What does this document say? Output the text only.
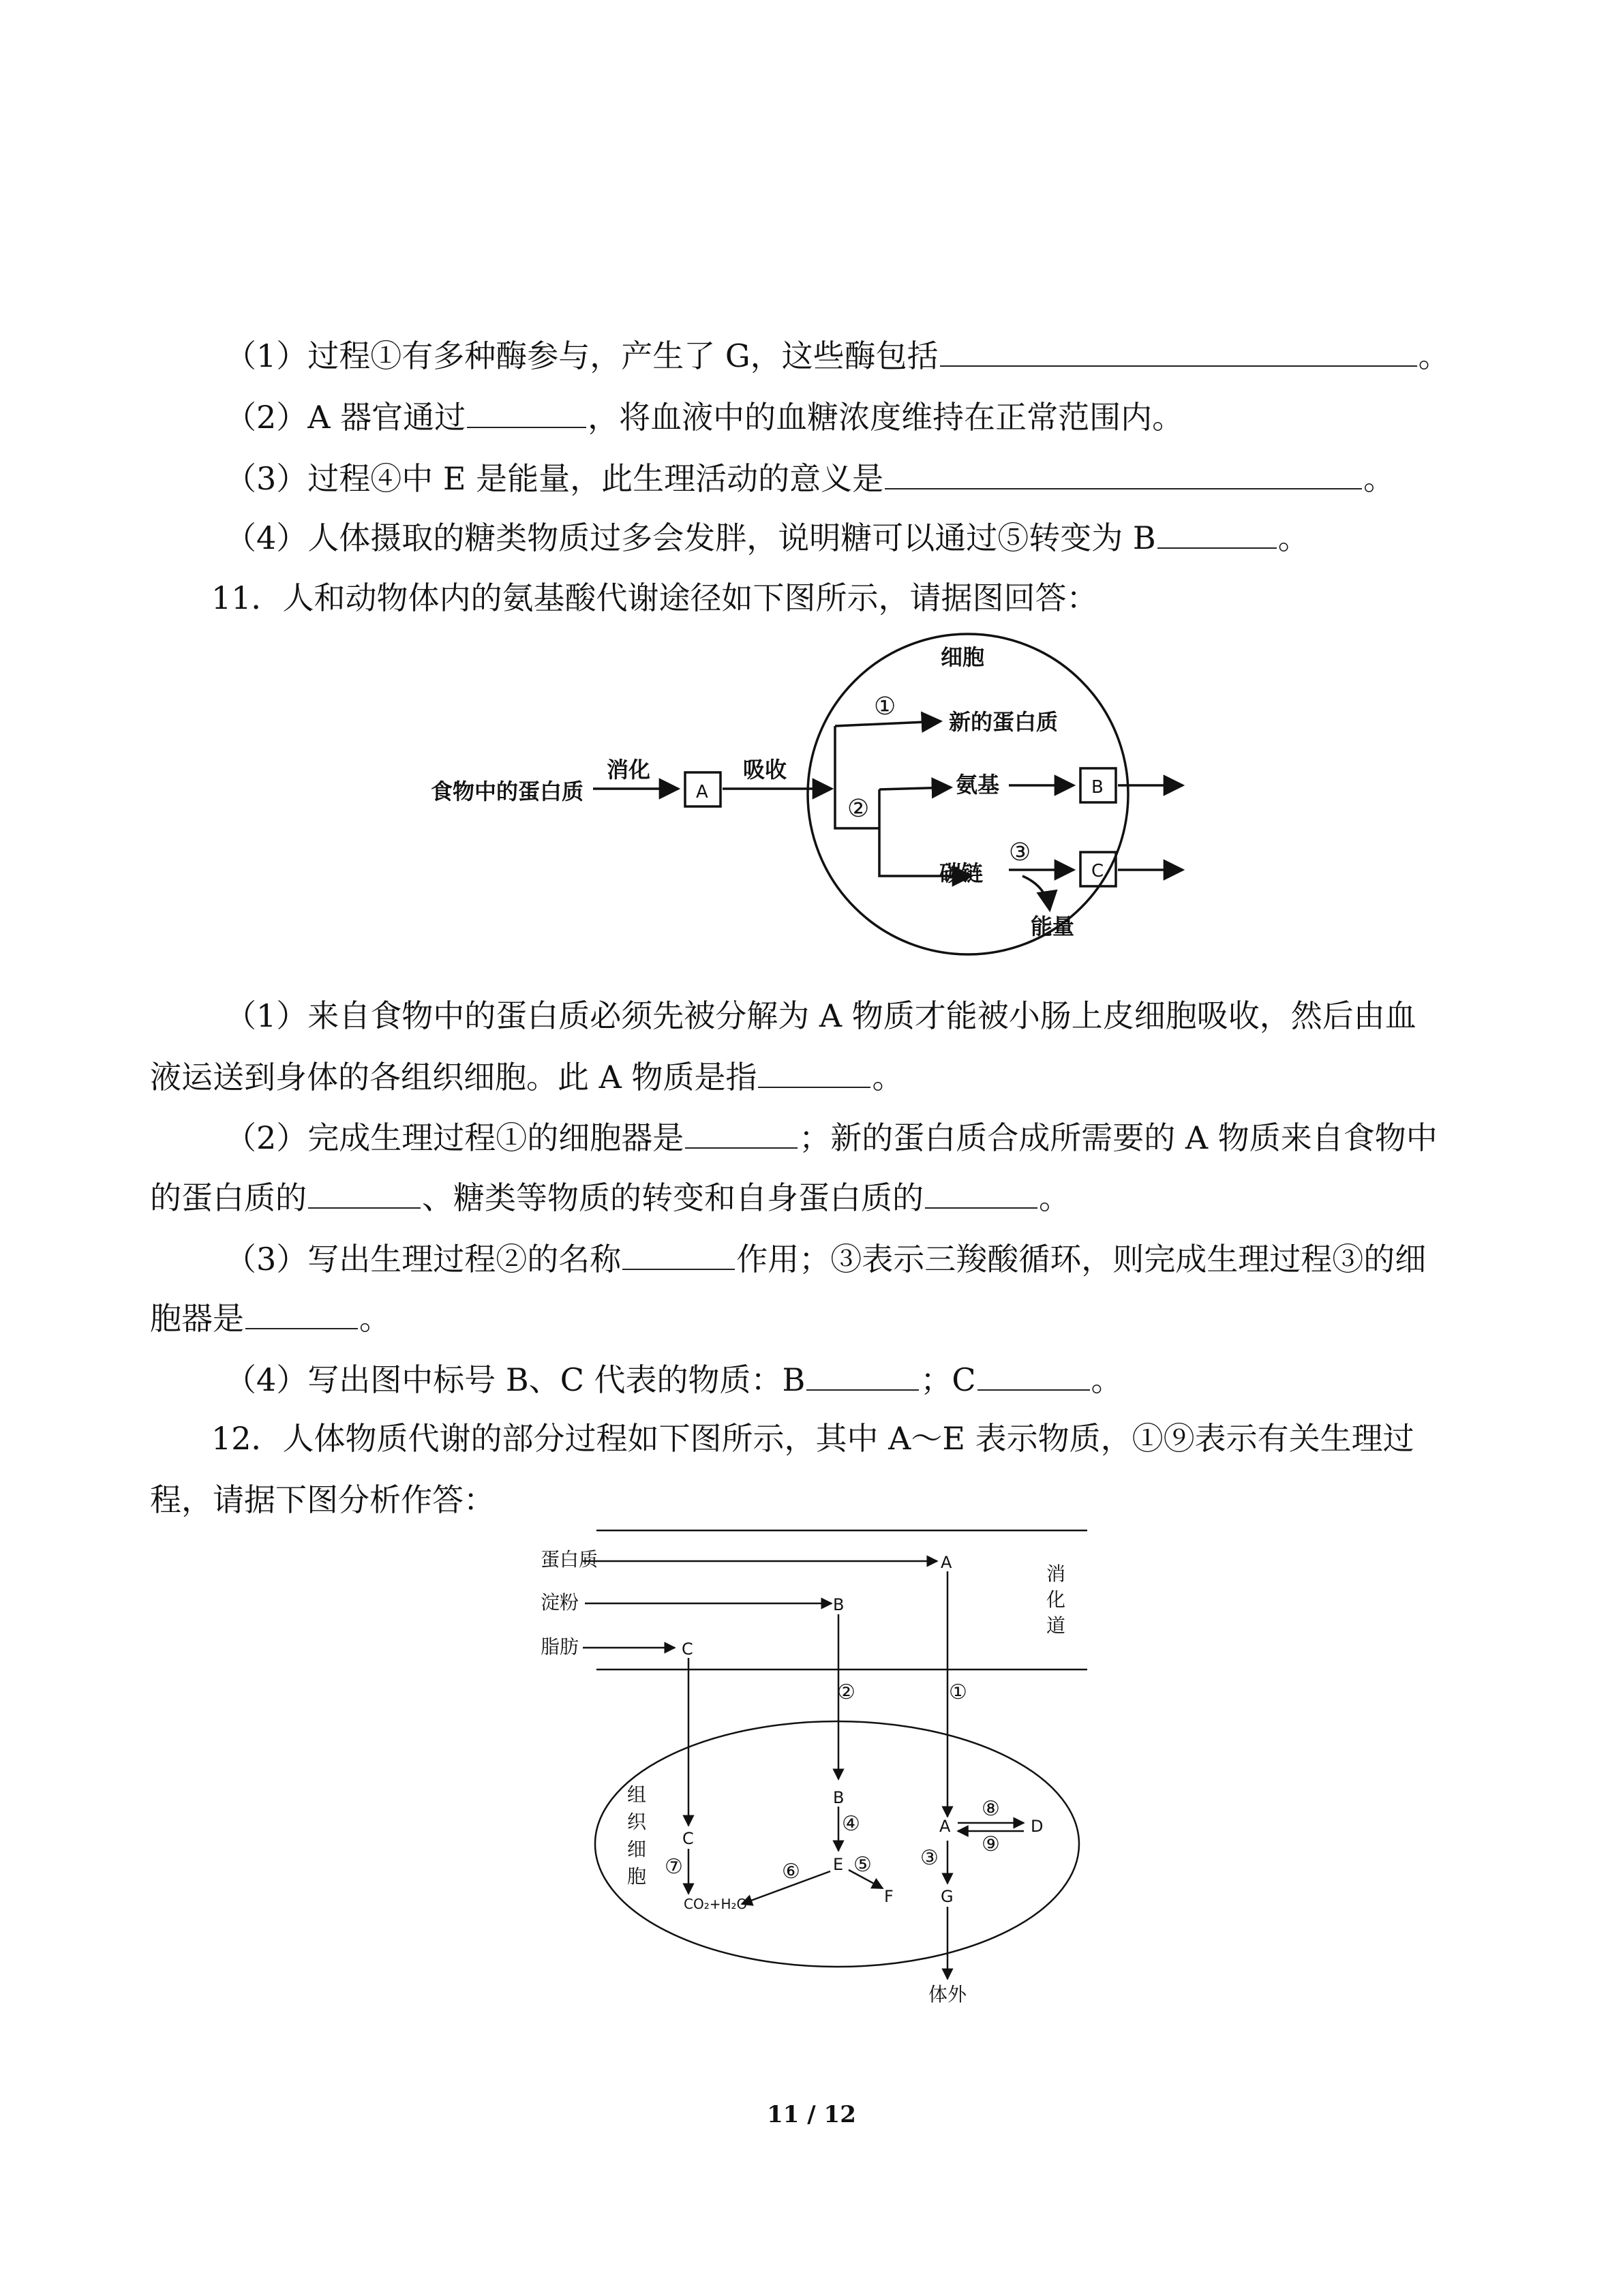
（1）过程①有多种酶参与，产生了 G，这些酶包括	。
（2）A 器官通过	，将血液中的血糖浓度维持在正常范围内。
（3）过程④中 E 是能量，此生理活动的意义是	。
（4）人体摄取的糖类物质过多会发胖，说明糖可以通过⑤转变为 B	。
11．人和动物体内的氨基酸代谢途径如下图所示，请据图回答：
细胞
食物中的蛋白质
消化	吸收
A	B
C
①
②
③
新的蛋白质
氨基
碳链
能量
（1）来自食物中的蛋白质必须先被分解为 A 物质才能被小肠上皮细胞吸收，然后由血
液运送到身体的各组织细胞。此 A 物质是指	。
（2）完成生理过程①的细胞器是	；新的蛋白质合成所需要的 A 物质来自食物中
的蛋白质的	、糖类等物质的转变和自身蛋白质的	。
（3）写出生理过程②的名称	作用；③表示三羧酸循环，则完成生理过程③的细
胞器是	。
（4）写出图中标号 B、C 代表的物质：B	；C	。
12．人体物质代谢的部分过程如下图所示，其中 A～E 表示物质，①⑨表示有关生理过
程，请据下图分析作答：
蛋白质
淀粉
脂肪
A
B
C
消
化
道
②	①
组
织
细
胞
B
④
E ⑤
⑥
F
C
⑦
CO₂+H₂O
A
⑧
⑨
D
③
G
体外
11 / 12
